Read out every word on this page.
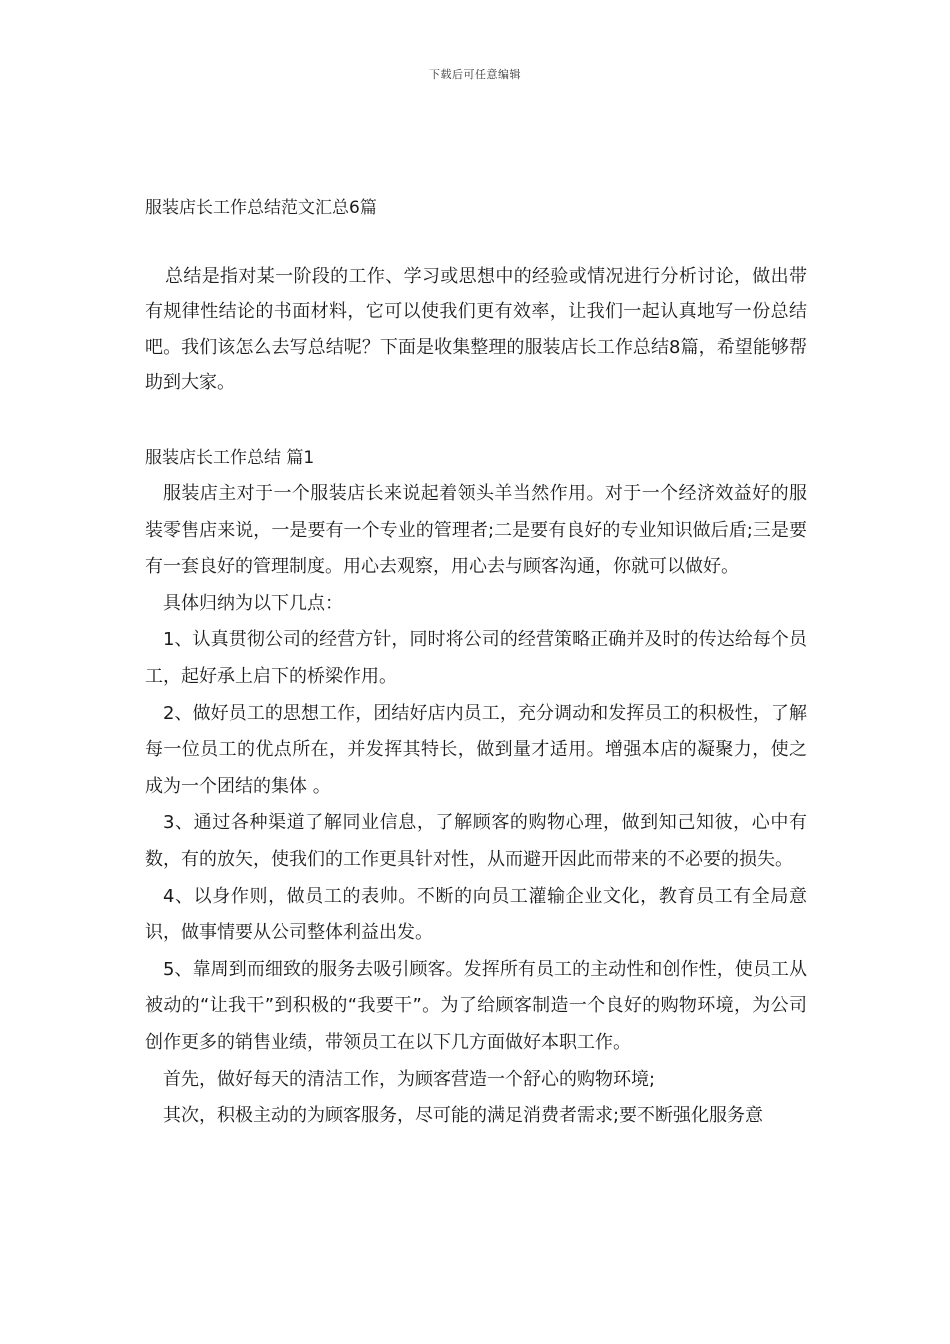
下载后可任意编辑
服装店长工作总结范文汇总6篇

总结是指对某一阶段的工作、学习或思想中的经验或情况进行分析讨论，做出带有规律性结论的书面材料，它可以使我们更有效率，让我们一起认真地写一份总结吧。我们该怎么去写总结呢？下面是收集整理的服装店长工作总结8篇，希望能够帮助到大家。

服装店长工作总结 篇1

服装店主对于一个服装店长来说起着领头羊当然作用。对于一个经济效益好的服装零售店来说，一是要有一个专业的管理者;二是要有良好的专业知识做后盾;三是要有一套良好的管理制度。用心去观察，用心去与顾客沟通，你就可以做好。

具体归纳为以下几点：

1、认真贯彻公司的经营方针，同时将公司的经营策略正确并及时的传达给每个员工，起好承上启下的桥梁作用。

2、做好员工的思想工作，团结好店内员工，充分调动和发挥员工的积极性，了解每一位员工的优点所在，并发挥其特长，做到量才适用。增强本店的凝聚力，使之成为一个团结的集体 。

3、通过各种渠道了解同业信息，了解顾客的购物心理，做到知己知彼，心中有数，有的放矢，使我们的工作更具针对性，从而避开因此而带来的不必要的损失。

4、以身作则，做员工的表帅。不断的向员工灌输企业文化，教育员工有全局意识，做事情要从公司整体利益出发。

5、靠周到而细致的服务去吸引顾客。发挥所有员工的主动性和创作性，使员工从被动的“让我干”到积极的“我要干”。为了给顾客制造一个良好的购物环境，为公司创作更多的销售业绩，带领员工在以下几方面做好本职工作。

首先，做好每天的清洁工作，为顾客营造一个舒心的购物环境;

其次，积极主动的为顾客服务，尽可能的满足消费者需求;要不断强化服务意
